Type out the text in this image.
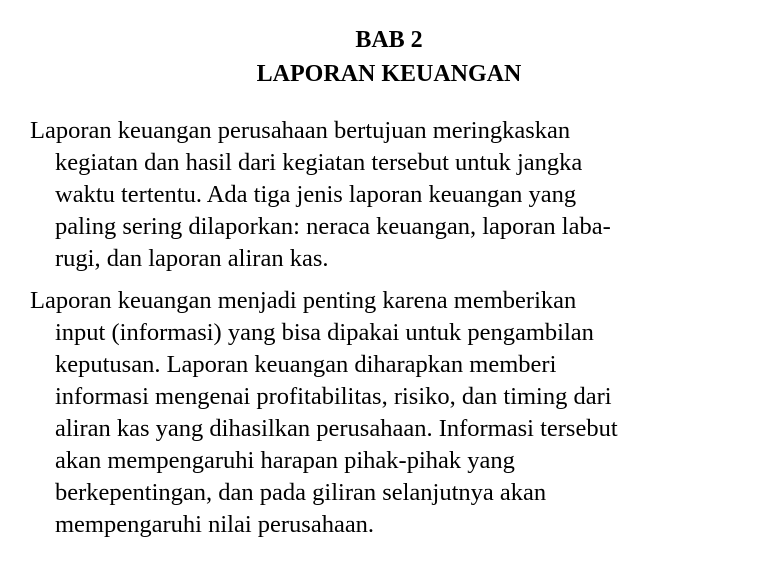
BAB 2
LAPORAN KEUANGAN
Laporan keuangan perusahaan bertujuan meringkaskan
kegiatan dan hasil dari kegiatan tersebut untuk jangka
waktu tertentu. Ada tiga jenis laporan keuangan yang
paling sering dilaporkan: neraca keuangan, laporan laba-
rugi, dan laporan aliran kas.
Laporan keuangan menjadi penting karena memberikan
input (informasi) yang bisa dipakai untuk pengambilan
keputusan. Laporan keuangan diharapkan memberi
informasi mengenai profitabilitas, risiko, dan timing dari
aliran kas yang dihasilkan perusahaan. Informasi tersebut
akan mempengaruhi harapan pihak-pihak yang
berkepentingan, dan pada giliran selanjutnya akan
mempengaruhi nilai perusahaan.
